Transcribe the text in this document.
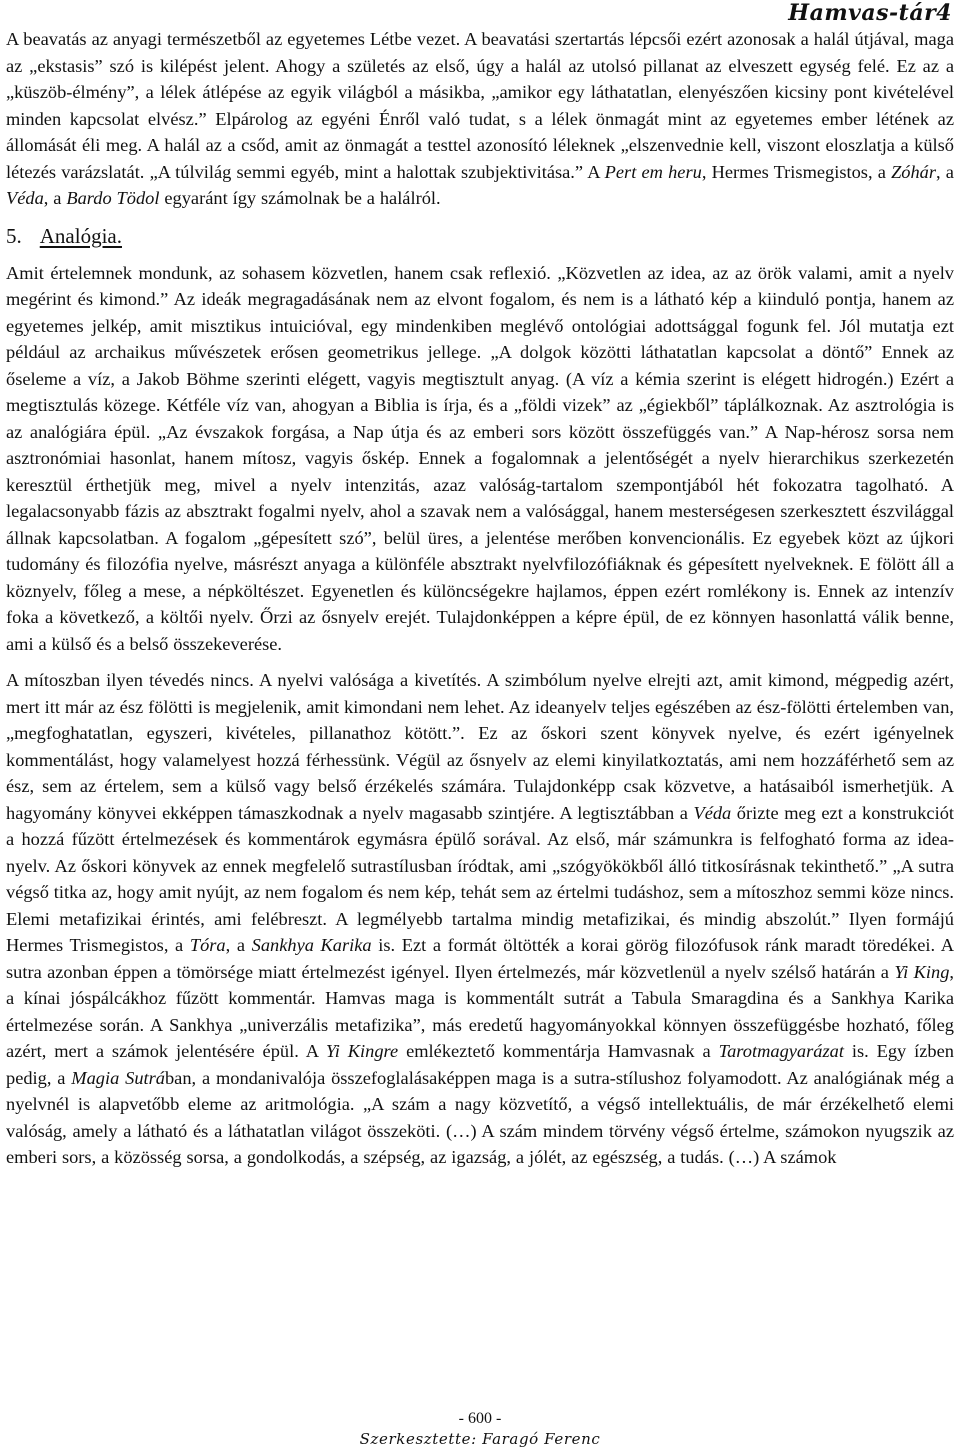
Hamvas-tár4

A beavatás az anyagi természetből az egyetemes Létbe vezet. A beavatási szertartás lépcsői ezért azonosak a halál útjával, maga az „ekstasis” szó is kilépést jelent. Ahogy a születés az első, úgy a halál az utolsó pillanat az elveszett egység felé. Ez az a „küszöb-élmény”, a lélek átlépése az egyik világból a másikba, „amikor egy láthatatlan, elenyészően kicsiny pont kivételével minden kapcsolat elvész.” Elpárolog az egyéni Énről való tudat, s a lélek önmagát mint az egyetemes ember létének az állomását éli meg. A halál az a csőd, amit az önmagát a testtel azonosító léleknek „elszenvednie kell, viszont eloszlatja a külső létezés varázslatát. „A túlvilág semmi egyéb, mint a halottak szubjektivitása.” A Pert em heru, Hermes Trismegistos, a Zóhár, a Véda, a Bardo Tödol egyaránt így számolnak be a halálról.

5. Analógia.

Amit értelemnek mondunk, az sohasem közvetlen, hanem csak reflexió. „Közvetlen az idea, az az örök valami, amit a nyelv megérint és kimond.” Az ideák megragadásának nem az elvont fogalom, és nem is a látható kép a kiinduló pontja, hanem az egyetemes jelkép, amit misztikus intuicióval, egy mindenkiben meglévő ontológiai adottsággal fogunk fel. Jól mutatja ezt például az archaikus művészetek erősen geometrikus jellege. „A dolgok közötti láthatatlan kapcsolat a döntő” Ennek az őseleme a víz, a Jakob Böhme szerinti elégett, vagyis megtisztult anyag. (A víz a kémia szerint is elégett hidrogén.) Ezért a megtisztulás közege. Kétféle víz van, ahogyan a Biblia is írja, és a „földi vizek” az „égiekből” táplálkoznak. Az asztrológia is az analógiára épül. „Az évszakok forgása, a Nap útja és az emberi sors között összefüggés van.” A Nap-hérosz sorsa nem asztronómiai hasonlat, hanem mítosz, vagyis őskép. Ennek a fogalomnak a jelentőségét a nyelv hierarchikus szerkezetén keresztül érthetjük meg, mivel a nyelv intenzitás, azaz valóság-tartalom szempontjából hét fokozatra tagolható. A legalacsonyabb fázis az absztrakt fogalmi nyelv, ahol a szavak nem a valósággal, hanem mesterségesen szerkesztett észvilággal állnak kapcsolatban. A fogalom „gépesített szó”, belül üres, a jelentése merőben konvencionális. Ez egyebek közt az újkori tudomány és filozófia nyelve, másrészt anyaga a különféle absztrakt nyelvfilozófiáknak és gépesített nyelveknek. E fölött áll a köznyelv, főleg a mese, a népköltészet. Egyenetlen és különcségekre hajlamos, éppen ezért romlékony is. Ennek az intenzív foka a következő, a költői nyelv. Őrzi az ősnyelv erejét. Tulajdonképpen a képre épül, de ez könnyen hasonlattá válik benne, ami a külső és a belső összekeverése.

A mítoszban ilyen tévedés nincs. A nyelvi valósága a kivetítés. A szimbólum nyelve elrejti azt, amit kimond, mégpedig azért, mert itt már az ész fölötti is megjelenik, amit kimondani nem lehet. Az ideanyelv teljes egészében az ész-fölötti értelemben van, „megfoghatatlan, egyszeri, kivételes, pillanathoz kötött.”. Ez az őskori szent könyvek nyelve, és ezért igényelnek kommentálást, hogy valamelyest hozzá férhessünk. Végül az ősnyelv az elemi kinyilatkoztatás, ami nem hozzáférhető sem az ész, sem az értelem, sem a külső vagy belső érzékelés számára. Tulajdonképp csak közvetve, a hatásaiból ismerhetjük. A hagyomány könyvei ekképpen támaszkodnak a nyelv magasabb szintjére. A legtisztábban a Véda őrizte meg ezt a konstrukciót a hozzá fűzött értelmezések és kommentárok egymásra épülő sorával. Az első, már számunkra is felfogható forma az idea-nyelv. Az őskori könyvek az ennek megfelelő sutrastílusban íródtak, ami „szógyökökből álló titkosírásnak tekinthető.” „A sutra végső titka az, hogy amit nyújt, az nem fogalom és nem kép, tehát sem az értelmi tudáshoz, sem a mítoszhoz semmi köze nincs. Elemi metafizikai érintés, ami felébreszt. A legmélyebb tartalma mindig metafizikai, és mindig abszolút.” Ilyen formájú Hermes Trismegistos, a Tóra, a Sankhya Karika is. Ezt a formát öltötték a korai görög filozófusok ránk maradt töredékei. A sutra azonban éppen a tömörsége miatt értelmezést igényel. Ilyen értelmezés, már közvetlenül a nyelv szélső határán a Yi King, a kínai jóspálcákhoz fűzött kommentár. Hamvas maga is kommentált sutrát a Tabula Smaragdina és a Sankhya Karika értelmezése során. A Sankhya „univerzális metafizika”, más eredetű hagyományokkal könnyen összefüggésbe hozható, főleg azért, mert a számok jelentésére épül. A Yi Kingre emlékeztető kommentárja Hamvasnak a Tarotmagyarázat is. Egy ízben pedig, a Magia Sutrában, a mondanivalója összefoglalásaképpen maga is a sutra-stílushoz folyamodott. Az analógiának még a nyelvnél is alapvetőbb eleme az aritmológia. „A szám a nagy közvetítő, a végső intellektuális, de már érzékelhető elemi valóság, amely a látható és a láthatatlan világot összeköti. (…) A szám mindem törvény végső értelme, számokon nyugszik az emberi sors, a közösség sorsa, a gondolkodás, a szépség, az igazság, a jólét, az egészség, a tudás. (…) A számok

- 600 -
Szerkesztette: Faragó Ferenc
